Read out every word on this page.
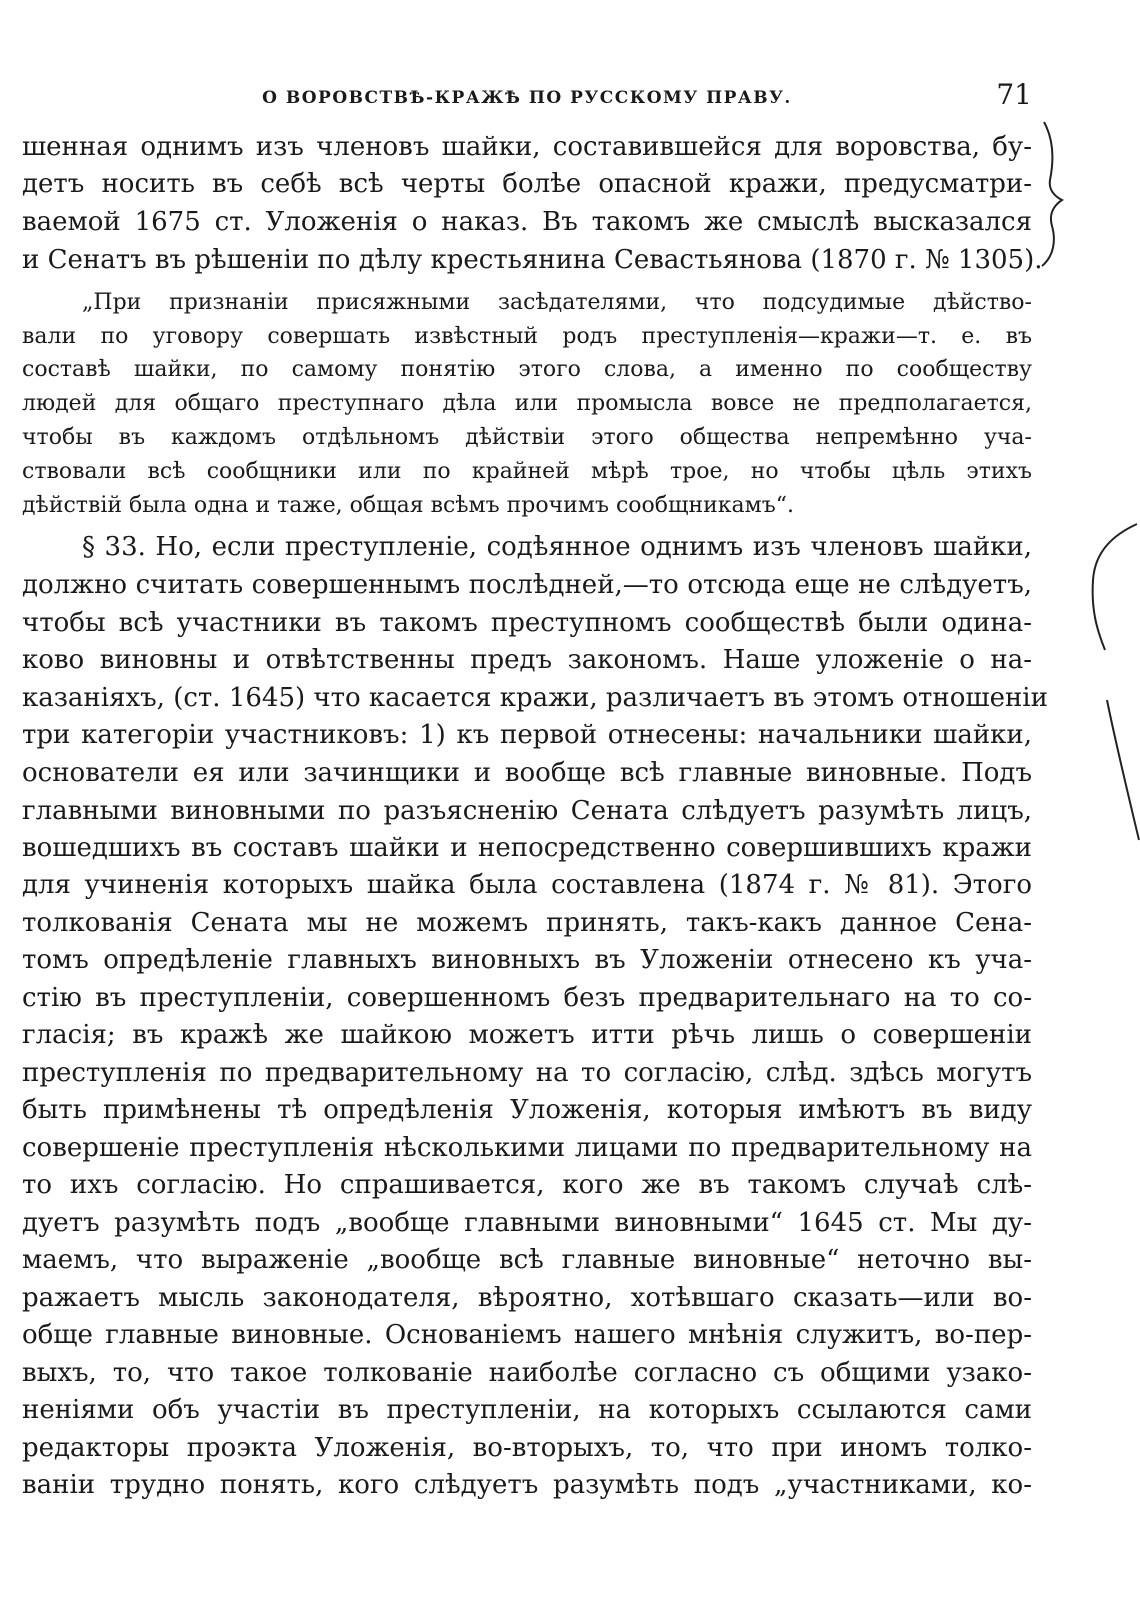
О ВОРОВСТВѢ-КРАЖѢ ПО РУССКОМУ ПРАВУ.	71
шенная однимъ изъ членовъ шайки, составившейся для воровства, бу-
детъ носить въ себѣ всѣ черты болѣе опасной кражи, предусматри-
ваемой 1675 ст. Уложенія о наказ. Въ такомъ же смыслѣ высказался
и Сенатъ въ рѣшеніи по дѣлу крестьянина Севастьянова (1870 г. № 1305).
„При признаніи присяжными засѣдателями, что подсудимые дѣйство-
вали по уговору совершать извѣстный родъ преступленія—кражи—т. е. въ
составѣ шайки, по самому понятію этого слова, а именно по сообществу
людей для общаго преступнаго дѣла или промысла вовсе не предполагается,
чтобы въ каждомъ отдѣльномъ дѣйствіи этого общества непремѣнно уча-
ствовали всѣ сообщники или по крайней мѣрѣ трое, но чтобы цѣль этихъ
дѣйствій была одна и таже, общая всѣмъ прочимъ сообщникамъ“.
§ 33. Но, если преступленіе, содѣянное однимъ изъ членовъ шайки,
должно считать совершеннымъ послѣдней,—то отсюда еще не слѣдуетъ,
чтобы всѣ участники въ такомъ преступномъ сообществѣ были одина-
ково виновны и отвѣтственны предъ закономъ. Наше уложеніе о на-
казаніяхъ, (ст. 1645) что касается кражи, различаетъ въ этомъ отношеніи
три категоріи участниковъ: 1) къ первой отнесены: начальники шайки,
основатели ея или зачинщики и вообще всѣ главные виновные. Подъ
главными виновными по разъясненію Сената слѣдуетъ разумѣть лицъ,
вошедшихъ въ составъ шайки и непосредственно совершившихъ кражи
для учиненія которыхъ шайка была составлена (1874 г. № 81). Этого
толкованія Сената мы не можемъ принять, такъ-какъ данное Сена-
томъ опредѣленіе главныхъ виновныхъ въ Уложеніи отнесено къ уча-
стію въ преступленіи, совершенномъ безъ предварительнаго на то со-
гласія; въ кражѣ же шайкою можетъ итти рѣчь лишь о совершеніи
преступленія по предварительному на то согласію, слѣд. здѣсь могутъ
быть примѣнены тѣ опредѣленія Уложенія, которыя имѣютъ въ виду
совершеніе преступленія нѣсколькими лицами по предварительному на
то ихъ согласію. Но спрашивается, кого же въ такомъ случаѣ слѣ-
дуетъ разумѣть подъ „вообще главными виновными“ 1645 ст. Мы ду-
маемъ, что выраженіе „вообще всѣ главные виновные“ неточно вы-
ражаетъ мысль законодателя, вѣроятно, хотѣвшаго сказать—или во-
обще главные виновные. Основаніемъ нашего мнѣнія служитъ, во-пер-
выхъ, то, что такое толкованіе наиболѣе согласно съ общими узако-
неніями объ участіи въ преступленіи, на которыхъ ссылаются сами
редакторы проэкта Уложенія, во-вторыхъ, то, что при иномъ толко-
ваніи трудно понять, кого слѣдуетъ разумѣть подъ „участниками, ко-
